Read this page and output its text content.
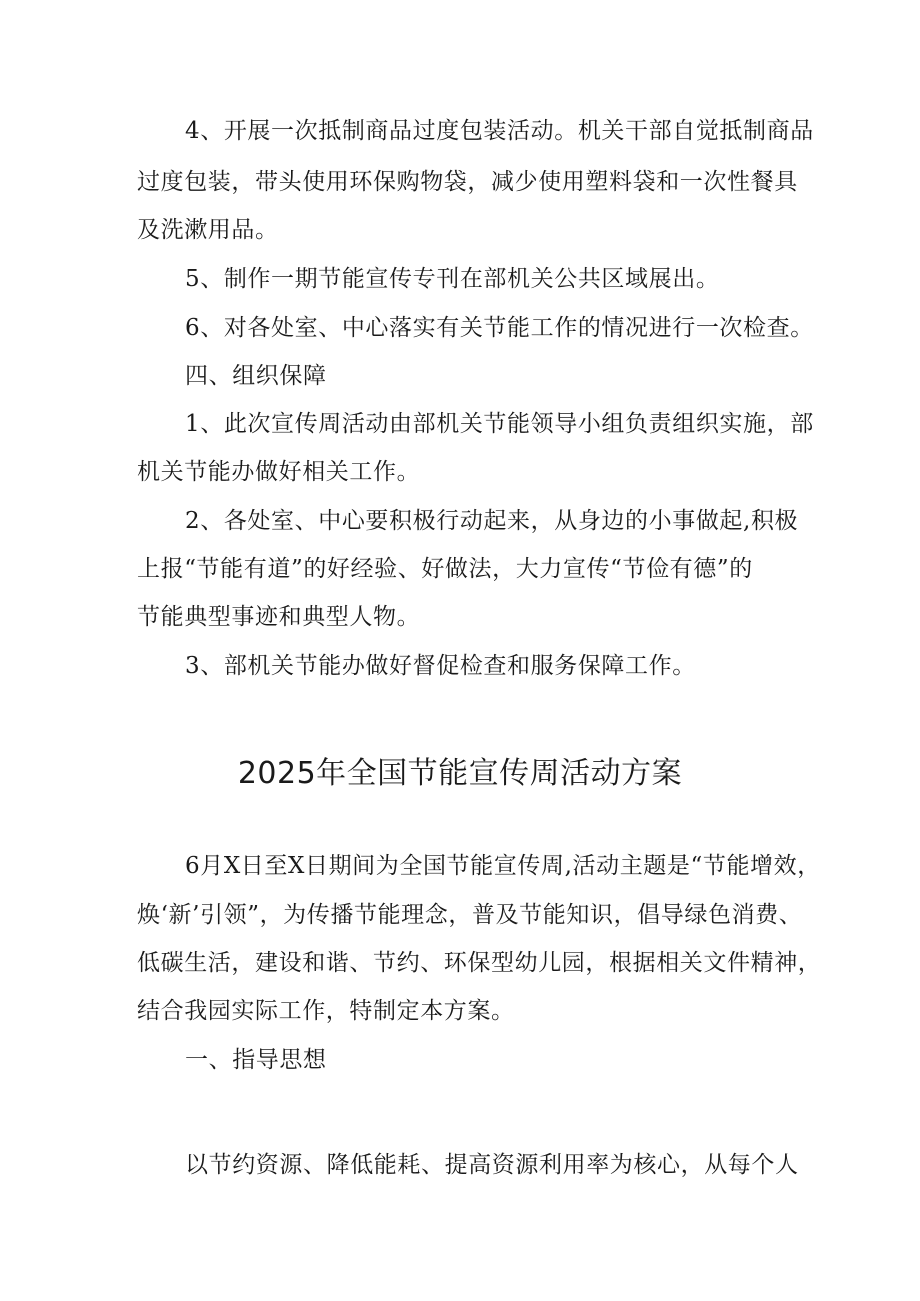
4、开展一次抵制商品过度包装活动。机关干部自觉抵制商品
过度包装，带头使用环保购物袋，减少使用塑料袋和一次性餐具
及洗漱用品。
5、制作一期节能宣传专刊在部机关公共区域展出。
6、对各处室、中心落实有关节能工作的情况进行一次检查。
四、组织保障
1、此次宣传周活动由部机关节能领导小组负责组织实施，部
机关节能办做好相关工作。
2、各处室、中心要积极行动起来，从身边的小事做起,积极
上报“节能有道”的好经验、好做法，大力宣传“节俭有德”的
节能典型事迹和典型人物。
3、部机关节能办做好督促检查和服务保障工作。
2025年全国节能宣传周活动方案
6月X日至X日期间为全国节能宣传周,活动主题是“节能增效，
焕‘新’引领”，为传播节能理念，普及节能知识，倡导绿色消费、
低碳生活，建设和谐、节约、环保型幼儿园，根据相关文件精神，
结合我园实际工作，特制定本方案。
一、指导思想
以节约资源、降低能耗、提高资源利用率为核心，从每个人
